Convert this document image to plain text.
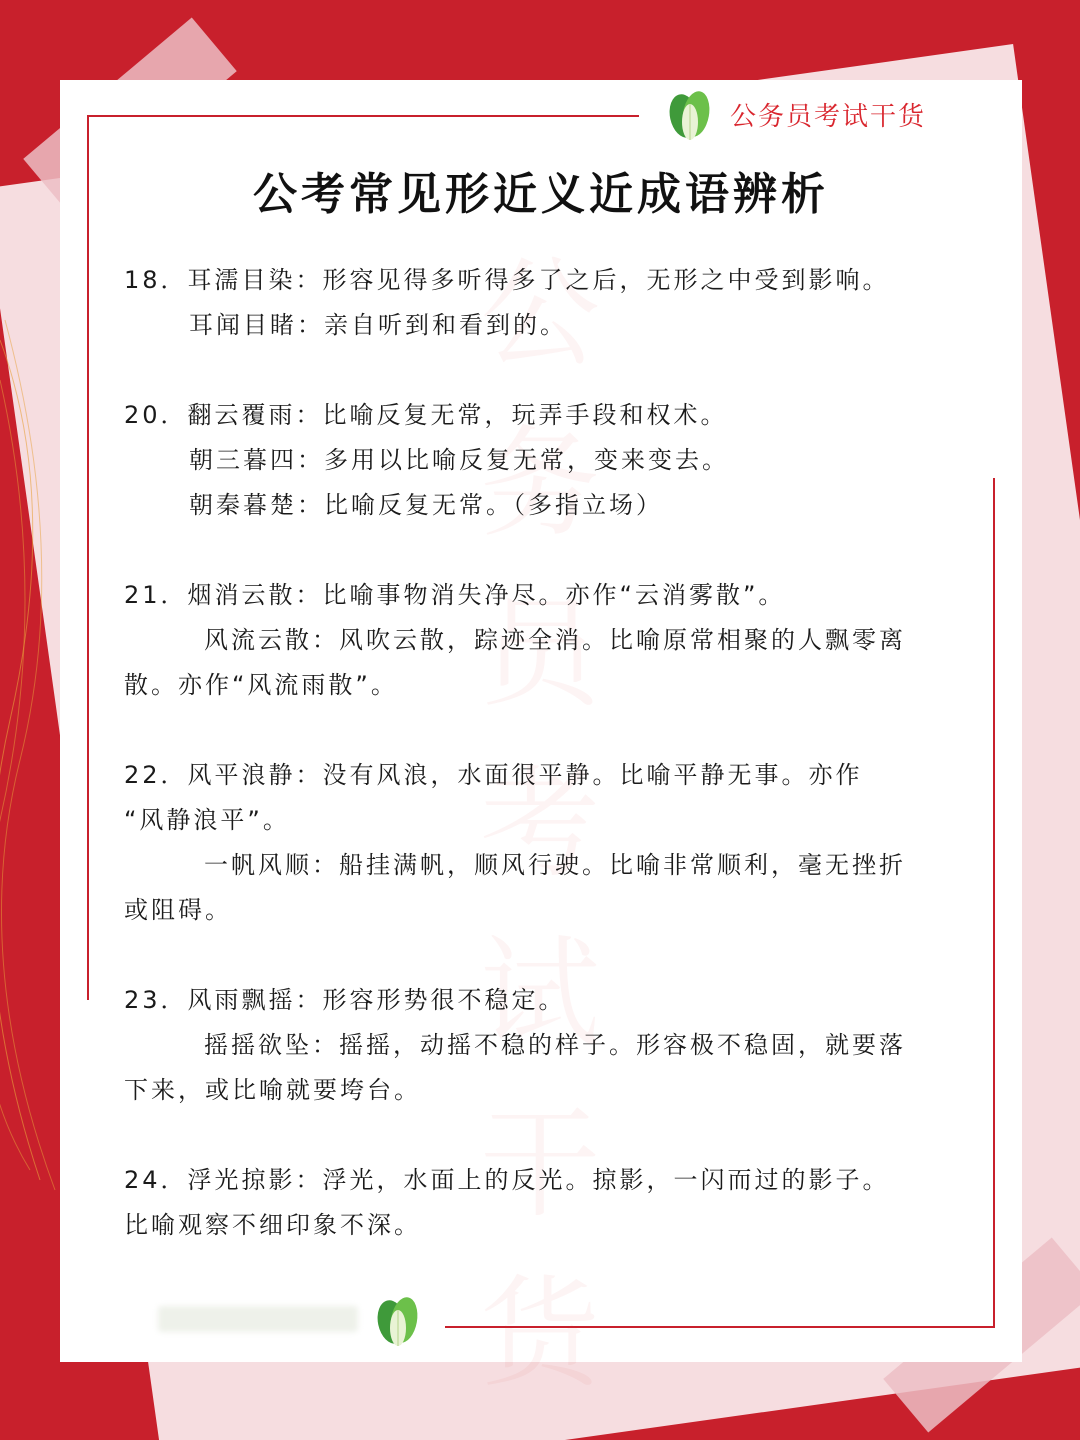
公务员考试干货
公
务
员
考
试
干
货
公考常见形近义近成语辨析

18．耳濡目染：形容见得多听得多了之后，无形之中受到影响。

耳闻目睹：亲自听到和看到的。

20．翻云覆雨：比喻反复无常，玩弄手段和权术。

朝三暮四：多用以比喻反复无常，变来变去。

朝秦暮楚：比喻反复无常。（多指立场）

21．烟消云散：比喻事物消失净尽。亦作“云消雾散”。

风流云散：风吹云散，踪迹全消。比喻原常相聚的人飘零离

散。亦作“风流雨散”。

22．风平浪静：没有风浪，水面很平静。比喻平静无事。亦作

“风静浪平”。

一帆风顺：船挂满帆，顺风行驶。比喻非常顺利，毫无挫折

或阻碍。

23．风雨飘摇：形容形势很不稳定。

摇摇欲坠：摇摇，动摇不稳的样子。形容极不稳固，就要落

下来，或比喻就要垮台。

24．浮光掠影：浮光，水面上的反光。掠影，一闪而过的影子。

比喻观察不细印象不深。
